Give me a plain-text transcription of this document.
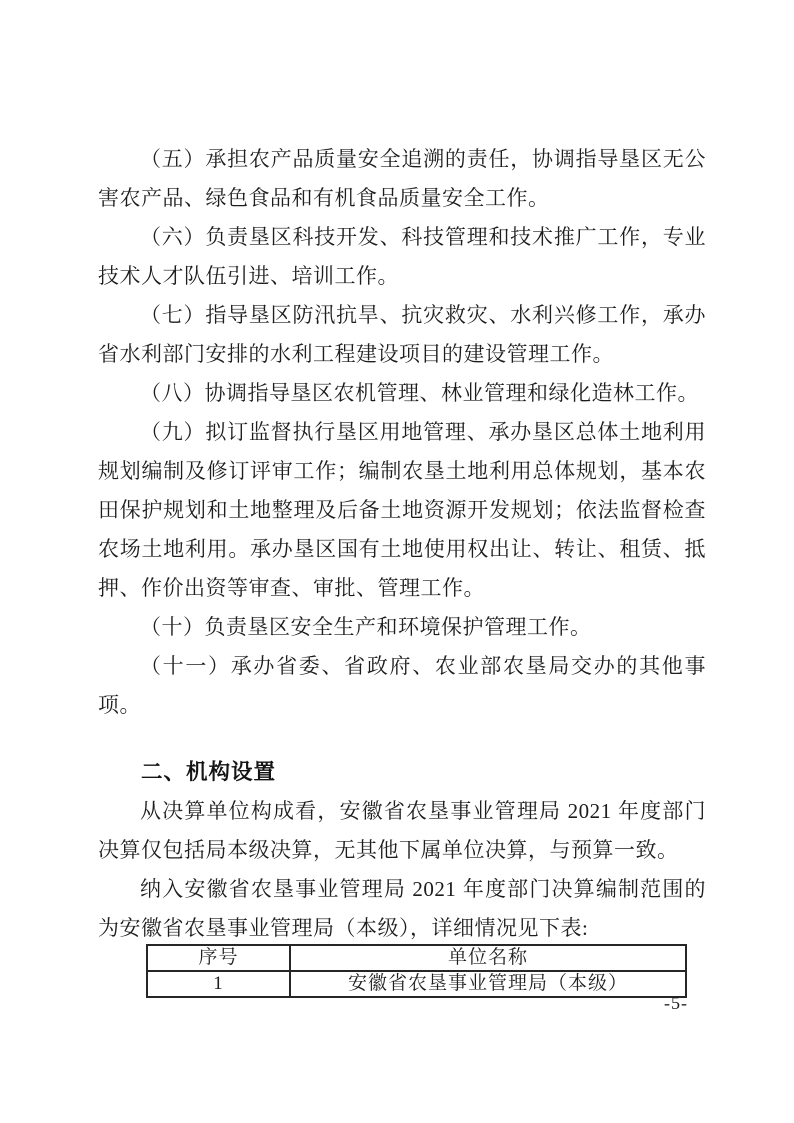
（五）承担农产品质量安全追溯的责任，协调指导垦区无公害农产品、绿色食品和有机食品质量安全工作。

（六）负责垦区科技开发、科技管理和技术推广工作，专业技术人才队伍引进、培训工作。

（七）指导垦区防汛抗旱、抗灾救灾、水利兴修工作，承办省水利部门安排的水利工程建设项目的建设管理工作。

（八）协调指导垦区农机管理、林业管理和绿化造林工作。

（九）拟订监督执行垦区用地管理、承办垦区总体土地利用规划编制及修订评审工作；编制农垦土地利用总体规划，基本农田保护规划和土地整理及后备土地资源开发规划；依法监督检查农场土地利用。承办垦区国有土地使用权出让、转让、租赁、抵押、作价出资等审查、审批、管理工作。

（十）负责垦区安全生产和环境保护管理工作。

（十一）承办省委、省政府、农业部农垦局交办的其他事项。

二、机构设置

从决算单位构成看，安徽省农垦事业管理局 2021 年度部门决算仅包括局本级决算，无其他下属单位决算，与预算一致。

纳入安徽省农垦事业管理局 2021 年度部门决算编制范围的为安徽省农垦事业管理局（本级），详细情况见下表:

序号	单位名称
1	安徽省农垦事业管理局（本级）
-5-
